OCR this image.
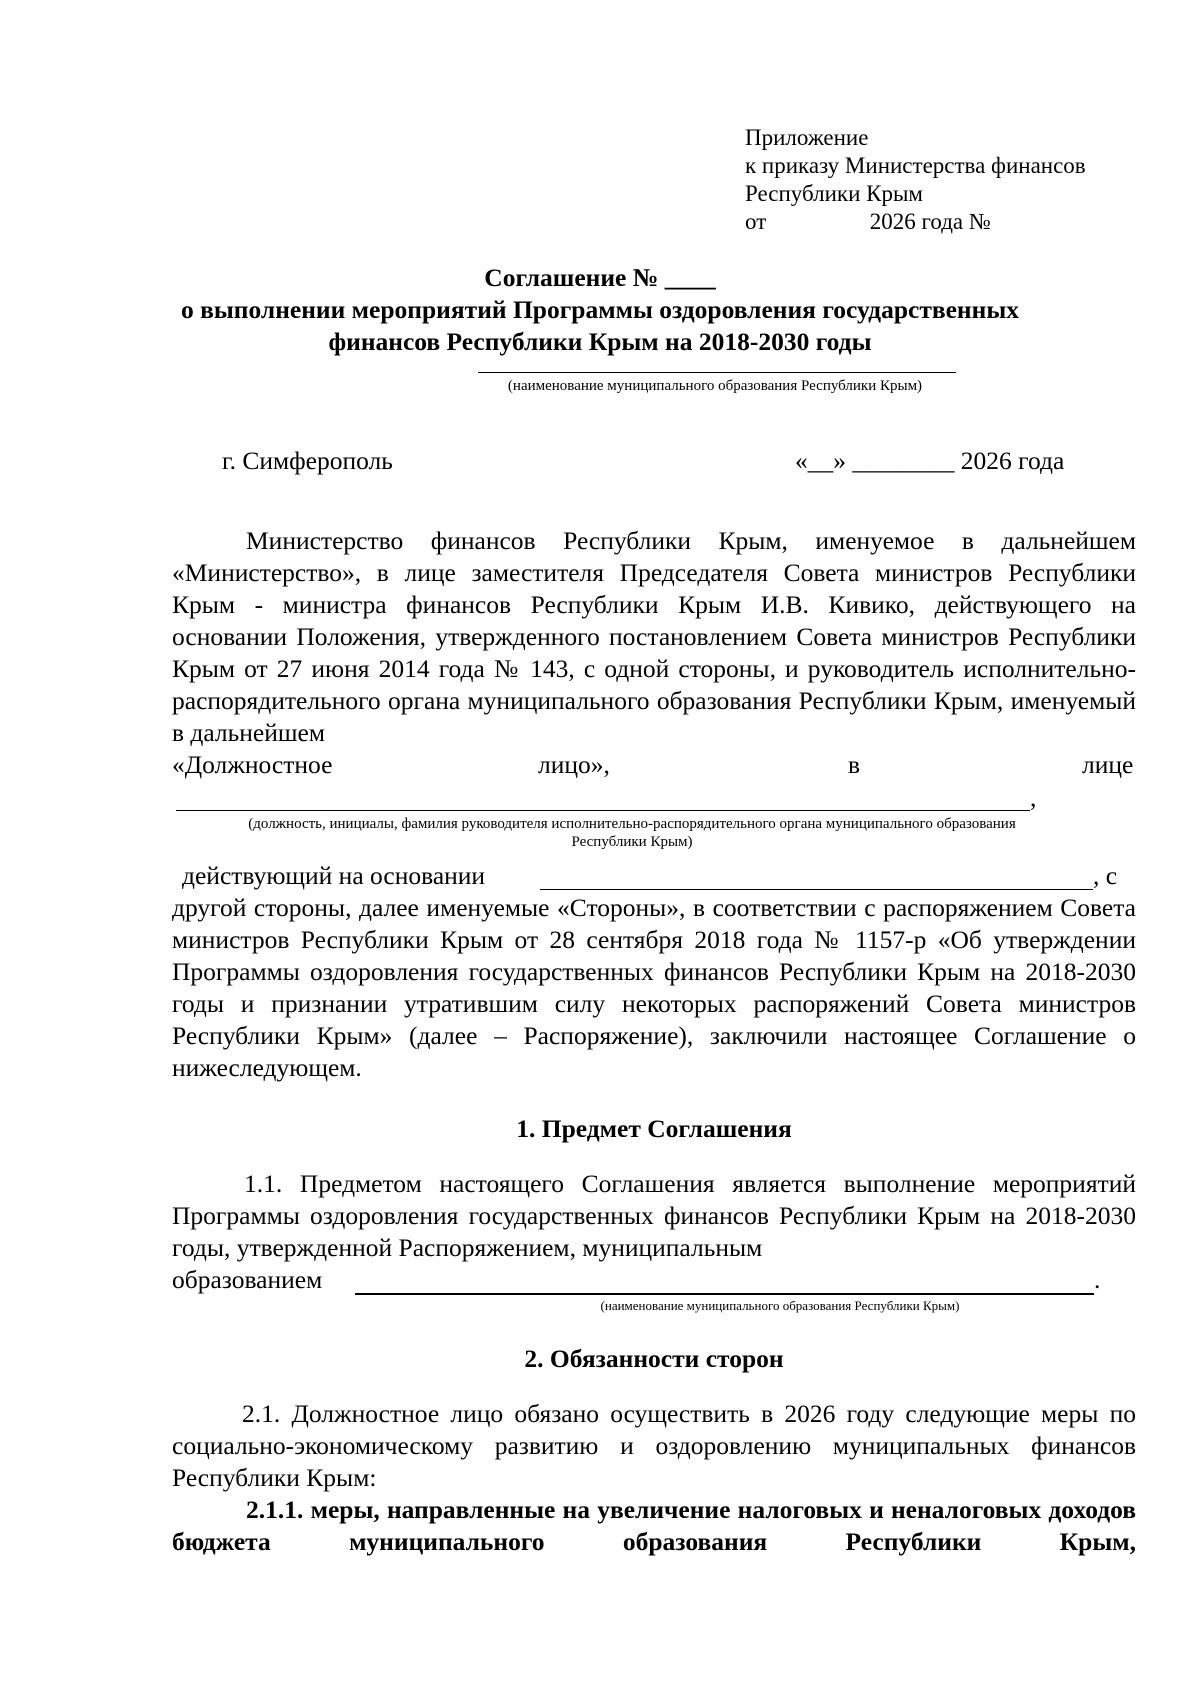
Приложение
к приказу Министерства финансов
Республики Крым
от                  2026 года №
Соглашение № ____
о выполнении мероприятий Программы оздоровления государственных
финансов Республики Крым на 2018-2030 годы
(наименование муниципального образования Республики Крым)
г. Симферополь	«__» ________ 2026 года
Министерство финансов Республики Крым, именуемое в дальнейшем «Министерство», в лице заместителя Председателя Совета министров Республики Крым - министра финансов Республики Крым И.В. Кивико, действующего на основании Положения, утвержденного постановлением Совета министров Республики Крым от 27 июня 2014 года № 143, с одной стороны, и руководитель исполнительно-распорядительного органа муниципального образования Республики Крым, именуемый в дальнейшем
«Должностное	лицо»,	в	лице
,
(должность, инициалы, фамилия руководителя исполнительно-распорядительного органа муниципального образования
Республики Крым)
действующий на основании	, с
другой стороны, далее именуемые «Стороны», в соответствии с распоряжением Совета министров Республики Крым от 28 сентября 2018 года № 1157-р «Об утверждении Программы оздоровления государственных финансов Республики Крым на 2018-2030 годы и признании утратившим силу некоторых распоряжений Совета министров Республики Крым» (далее – Распоряжение), заключили настоящее Соглашение о нижеследующем.
1. Предмет Соглашения
1.1. Предметом настоящего Соглашения является выполнение мероприятий Программы оздоровления государственных финансов Республики Крым на 2018-2030 годы, утвержденной Распоряжением, муниципальным
образованием	.
(наименование муниципального образования Республики Крым)
2. Обязанности сторон
2.1. Должностное лицо обязано осуществить в 2026 году следующие меры по социально-экономическому развитию и оздоровлению муниципальных финансов Республики Крым:
2.1.1. меры, направленные на увеличение налоговых и неналоговых доходов бюджета муниципального образования Республики Крым,
